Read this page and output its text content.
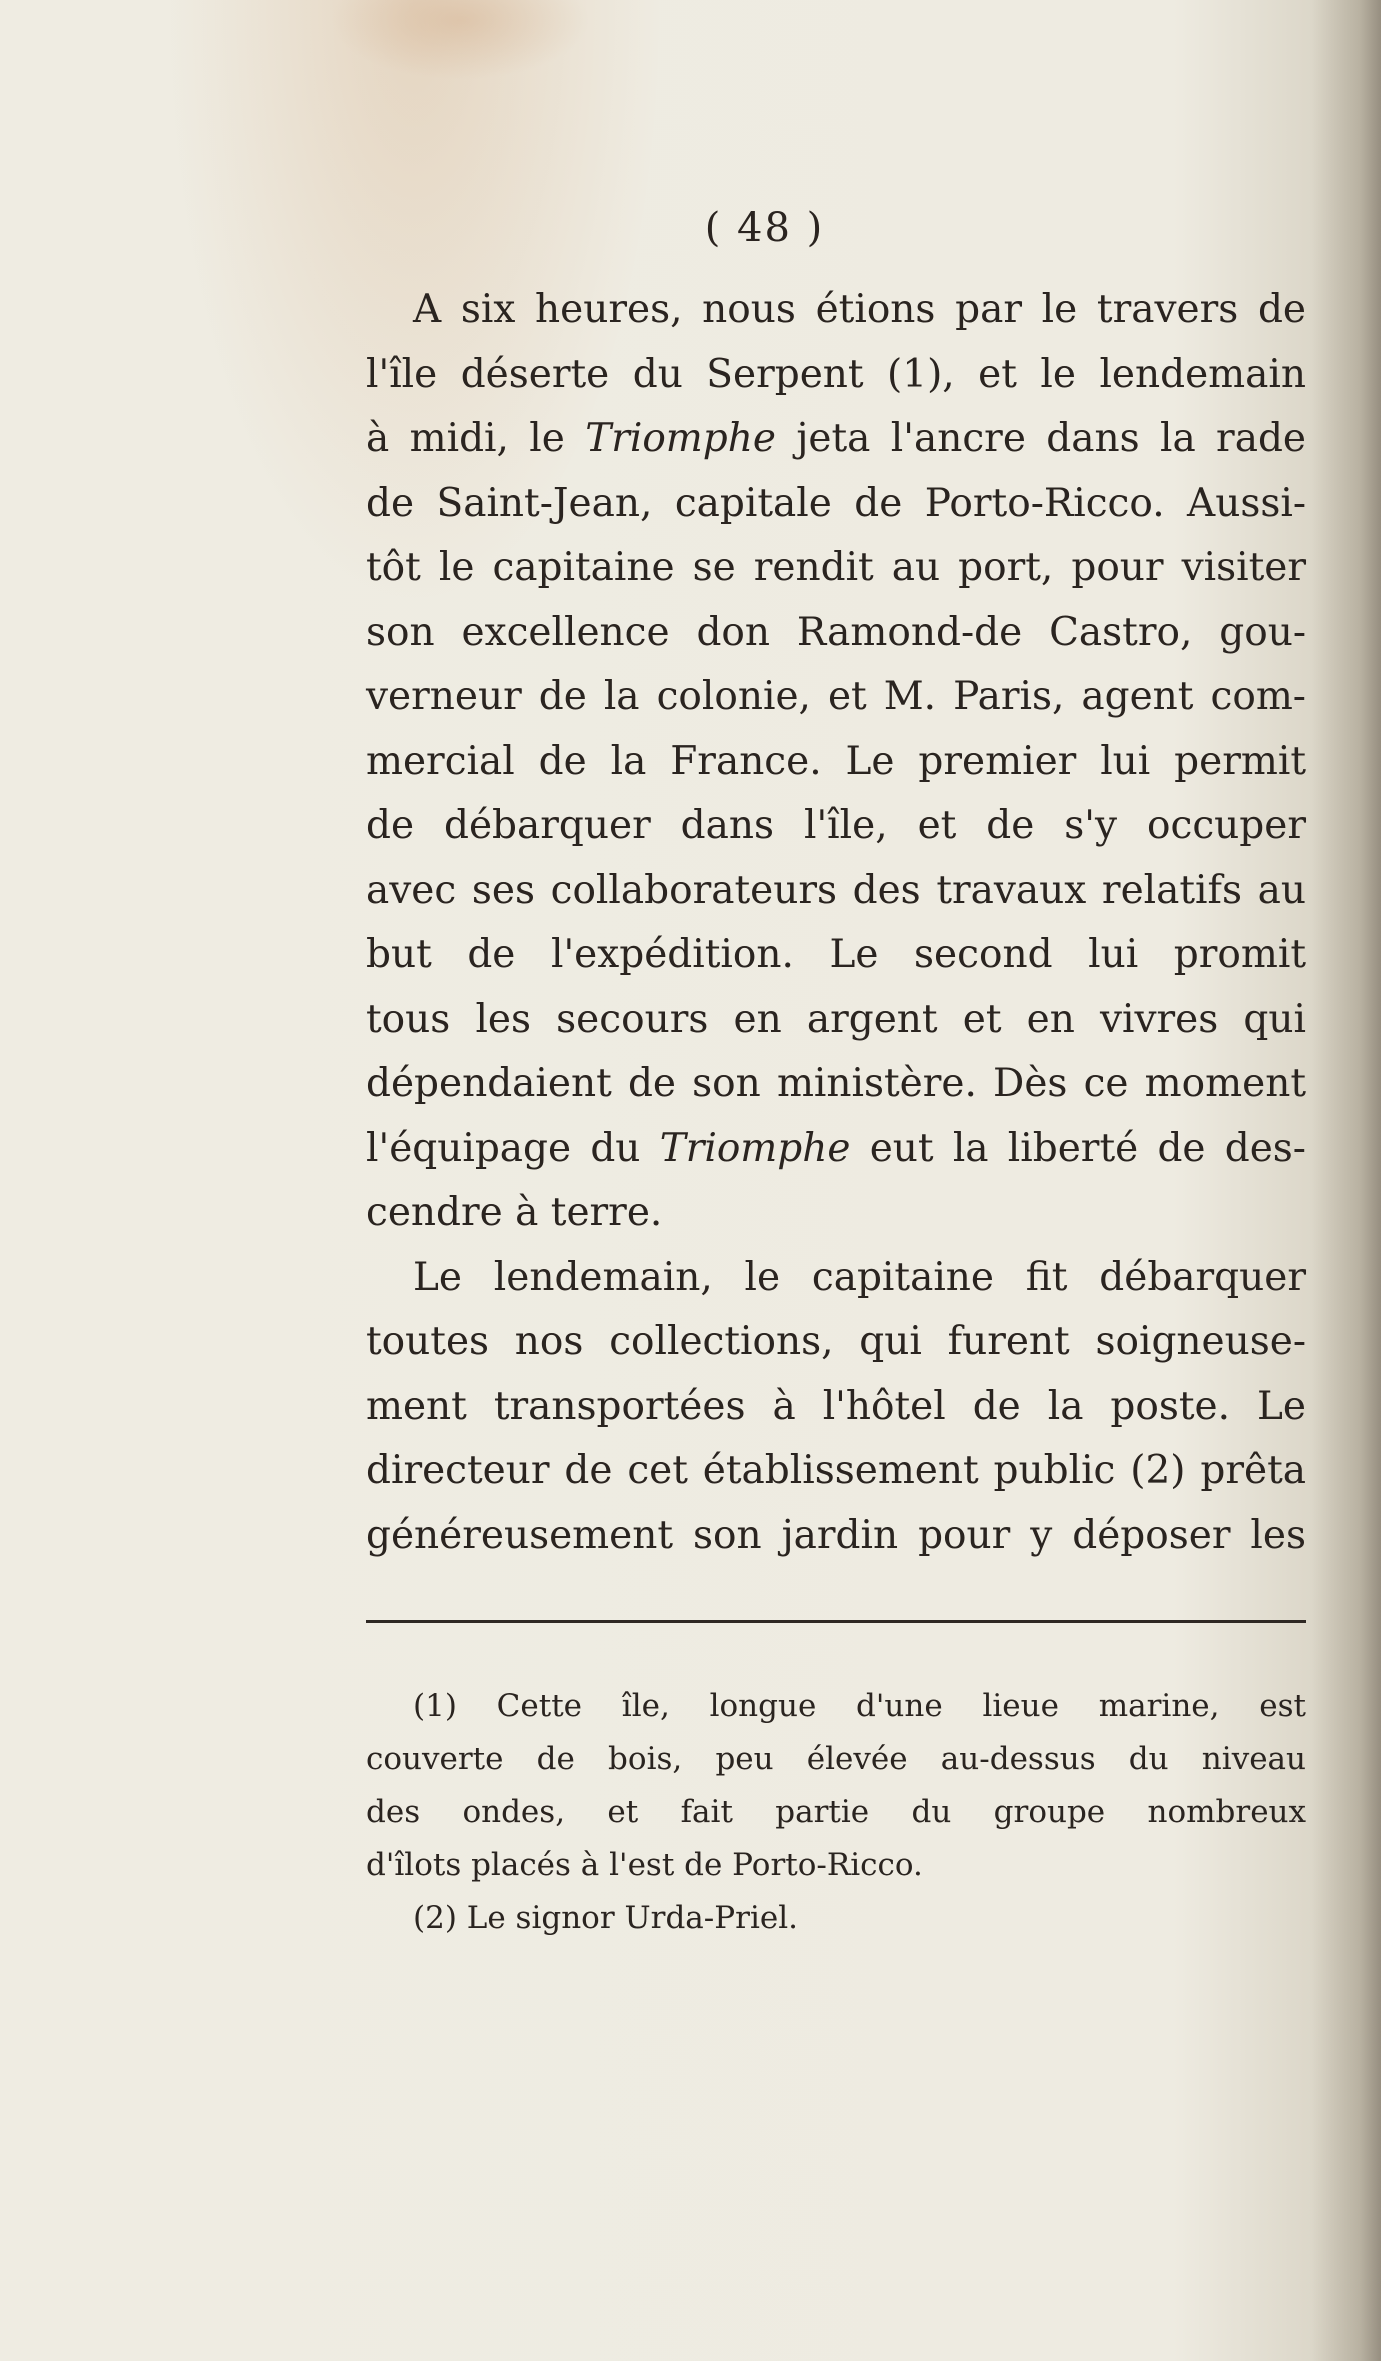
( 48 )
A six heures, nous étions par le travers de
l'île déserte du Serpent (1), et le lendemain
à midi, le Triomphe jeta l'ancre dans la rade
de Saint-Jean, capitale de Porto-Ricco. Aussi-
tôt le capitaine se rendit au port, pour visiter
son excellence don Ramond-de Castro, gou-
verneur de la colonie, et M. Paris, agent com-
mercial de la France. Le premier lui permit
de débarquer dans l'île, et de s'y occuper
avec ses collaborateurs des travaux relatifs au
but de l'expédition. Le second lui promit
tous les secours en argent et en vivres qui
dépendaient de son ministère. Dès ce moment
l'équipage du Triomphe eut la liberté de des-
cendre à terre.
Le lendemain, le capitaine fit débarquer
toutes nos collections, qui furent soigneuse-
ment transportées à l'hôtel de la poste. Le
directeur de cet établissement public (2) prêta
généreusement son jardin pour y déposer les
(1) Cette île, longue d'une lieue marine, est
couverte de bois, peu élevée au-dessus du niveau
des ondes, et fait partie du groupe nombreux
d'îlots placés à l'est de Porto-Ricco.
(2) Le signor Urda-Priel.
